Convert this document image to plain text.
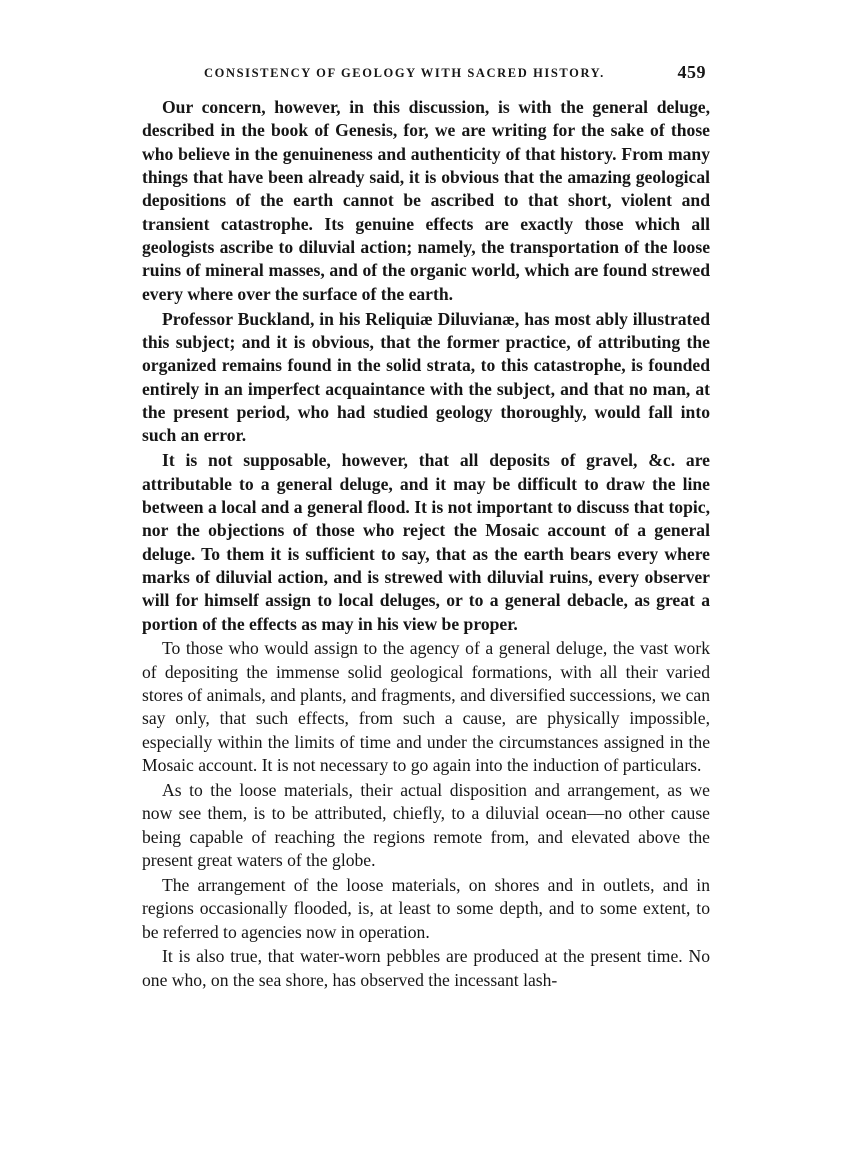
CONSISTENCY OF GEOLOGY WITH SACRED HISTORY.	459

Our concern, however, in this discussion, is with the general deluge, described in the book of Genesis, for, we are writing for the sake of those who believe in the genuineness and authenticity of that history. From many things that have been already said, it is obvious that the amazing geological depositions of the earth cannot be ascribed to that short, violent and transient catastrophe. Its genuine effects are exactly those which all geologists ascribe to diluvial action; namely, the transportation of the loose ruins of mineral masses, and of the organic world, which are found strewed every where over the surface of the earth.

Professor Buckland, in his Reliquiæ Diluvianæ, has most ably illustrated this subject; and it is obvious, that the former practice, of attributing the organized remains found in the solid strata, to this catastrophe, is founded entirely in an imperfect acquaintance with the subject, and that no man, at the present period, who had studied geology thoroughly, would fall into such an error.

It is not supposable, however, that all deposits of gravel, &c. are attributable to a general deluge, and it may be difficult to draw the line between a local and a general flood. It is not important to discuss that topic, nor the objections of those who reject the Mosaic account of a general deluge. To them it is sufficient to say, that as the earth bears every where marks of diluvial action, and is strewed with diluvial ruins, every observer will for himself assign to local deluges, or to a general debacle, as great a portion of the effects as may in his view be proper.

To those who would assign to the agency of a general deluge, the vast work of depositing the immense solid geological formations, with all their varied stores of animals, and plants, and fragments, and diversified successions, we can say only, that such effects, from such a cause, are physically impossible, especially within the limits of time and under the circumstances assigned in the Mosaic account. It is not necessary to go again into the induction of particulars.

As to the loose materials, their actual disposition and arrangement, as we now see them, is to be attributed, chiefly, to a diluvial ocean—no other cause being capable of reaching the regions remote from, and elevated above the present great waters of the globe.

The arrangement of the loose materials, on shores and in outlets, and in regions occasionally flooded, is, at least to some depth, and to some extent, to be referred to agencies now in operation.

It is also true, that water-worn pebbles are produced at the present time. No one who, on the sea shore, has observed the incessant lash-
